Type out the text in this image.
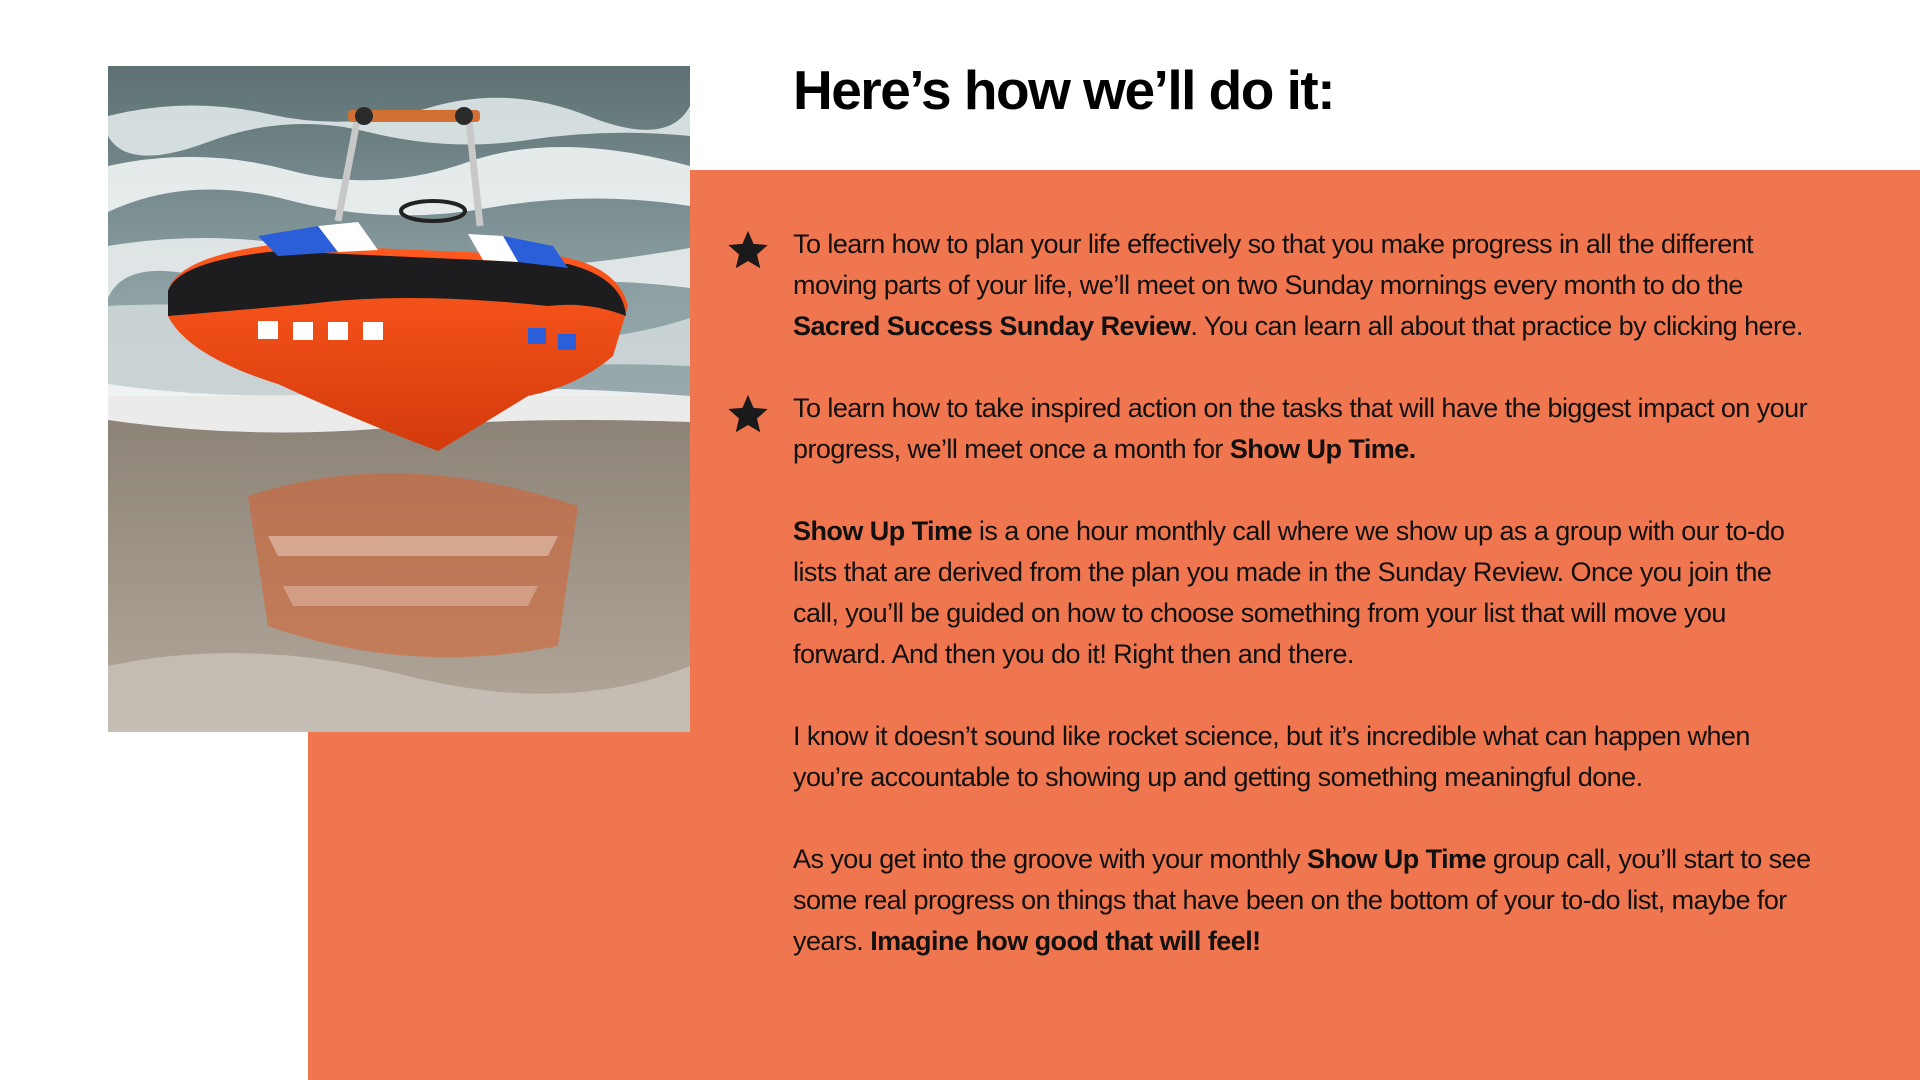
Here’s how we’ll do it:

To learn how to plan your life effectively so that you make progress in all the different moving parts of your life, we’ll meet on two Sunday mornings every month to do the Sacred Success Sunday Review. You can learn all about that practice by clicking here.

To learn how to take inspired action on the tasks that will have the biggest impact on your progress, we’ll meet once a month for Show Up Time.

Show Up Time is a one hour monthly call where we show up as a group with our to-do lists that are derived from the plan you made in the Sunday Review. Once you join the call, you’ll be guided on how to choose something from your list that will move you forward. And then you do it! Right then and there.

I know it doesn’t sound like rocket science, but it’s incredible what can happen when you’re accountable to showing up and getting something meaningful done.

As you get into the groove with your monthly Show Up Time group call, you’ll start to see some real progress on things that have been on the bottom of your to-do list, maybe for years. Imagine how good that will feel!
